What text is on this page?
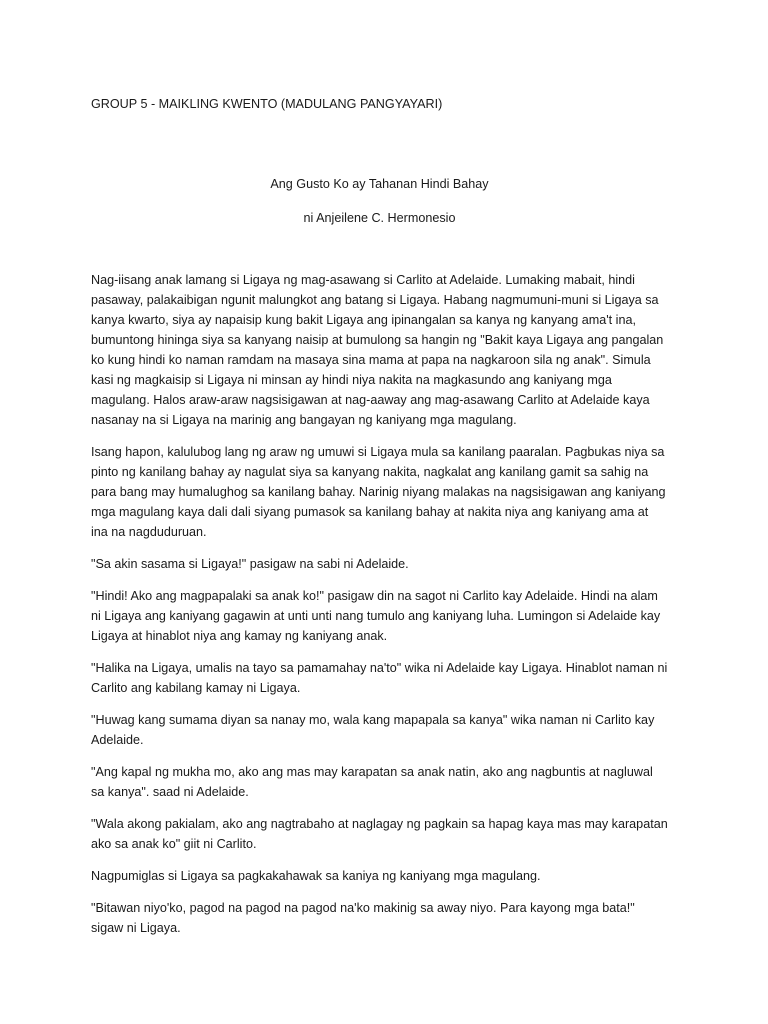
GROUP 5 - MAIKLING KWENTO (MADULANG PANGYAYARI)

Ang Gusto Ko ay Tahanan Hindi Bahay

ni Anjeilene C. Hermonesio

Nag-iisang anak lamang si Ligaya ng mag-asawang si Carlito at Adelaide. Lumaking mabait, hindi pasaway, palakaibigan ngunit malungkot ang batang si Ligaya. Habang nagmumuni-muni si Ligaya sa kanya kwarto, siya ay napaisip kung bakit Ligaya ang ipinangalan sa kanya ng kanyang ama't ina, bumuntong hininga siya sa kanyang naisip at bumulong sa hangin ng "Bakit kaya Ligaya ang pangalan ko kung hindi ko naman ramdam na masaya sina mama at papa na nagkaroon sila ng anak". Simula kasi ng magkaisip si Ligaya ni minsan ay hindi niya nakita na magkasundo ang kaniyang mga magulang. Halos araw-araw nagsisigawan at nag-aaway ang mag-asawang Carlito at Adelaide kaya nasanay na si Ligaya na marinig ang bangayan ng kaniyang mga magulang.

Isang hapon, kalulubog lang ng araw ng umuwi si Ligaya mula sa kanilang paaralan. Pagbukas niya sa pinto ng kanilang bahay ay nagulat siya sa kanyang nakita, nagkalat ang kanilang gamit sa sahig na para bang may humalughog sa kanilang bahay. Narinig niyang malakas na nagsisigawan ang kaniyang mga magulang kaya dali dali siyang pumasok sa kanilang bahay at nakita niya ang kaniyang ama at ina na nagduduruan.

"Sa akin sasama si Ligaya!" pasigaw na sabi ni Adelaide.

"Hindi! Ako ang magpapalaki sa anak ko!" pasigaw din na sagot ni Carlito kay Adelaide. Hindi na alam ni Ligaya ang kaniyang gagawin at unti unti nang tumulo ang kaniyang luha. Lumingon si Adelaide kay Ligaya at hinablot niya ang kamay ng kaniyang anak.

"Halika na Ligaya, umalis na tayo sa pamamahay na'to" wika ni Adelaide kay Ligaya. Hinablot naman ni Carlito ang kabilang kamay ni Ligaya.

"Huwag kang sumama diyan sa nanay mo, wala kang mapapala sa kanya" wika naman ni Carlito kay Adelaide.

"Ang kapal ng mukha mo, ako ang mas may karapatan sa anak natin, ako ang nagbuntis at nagluwal sa kanya". saad ni Adelaide.

"Wala akong pakialam, ako ang nagtrabaho at naglagay ng pagkain sa hapag kaya mas may karapatan ako sa anak ko" giit ni Carlito.

Nagpumiglas si Ligaya sa pagkakahawak sa kaniya ng kaniyang mga magulang.

"Bitawan niyo'ko, pagod na pagod na pagod na'ko makinig sa away niyo. Para kayong mga bata!" sigaw ni Ligaya.
